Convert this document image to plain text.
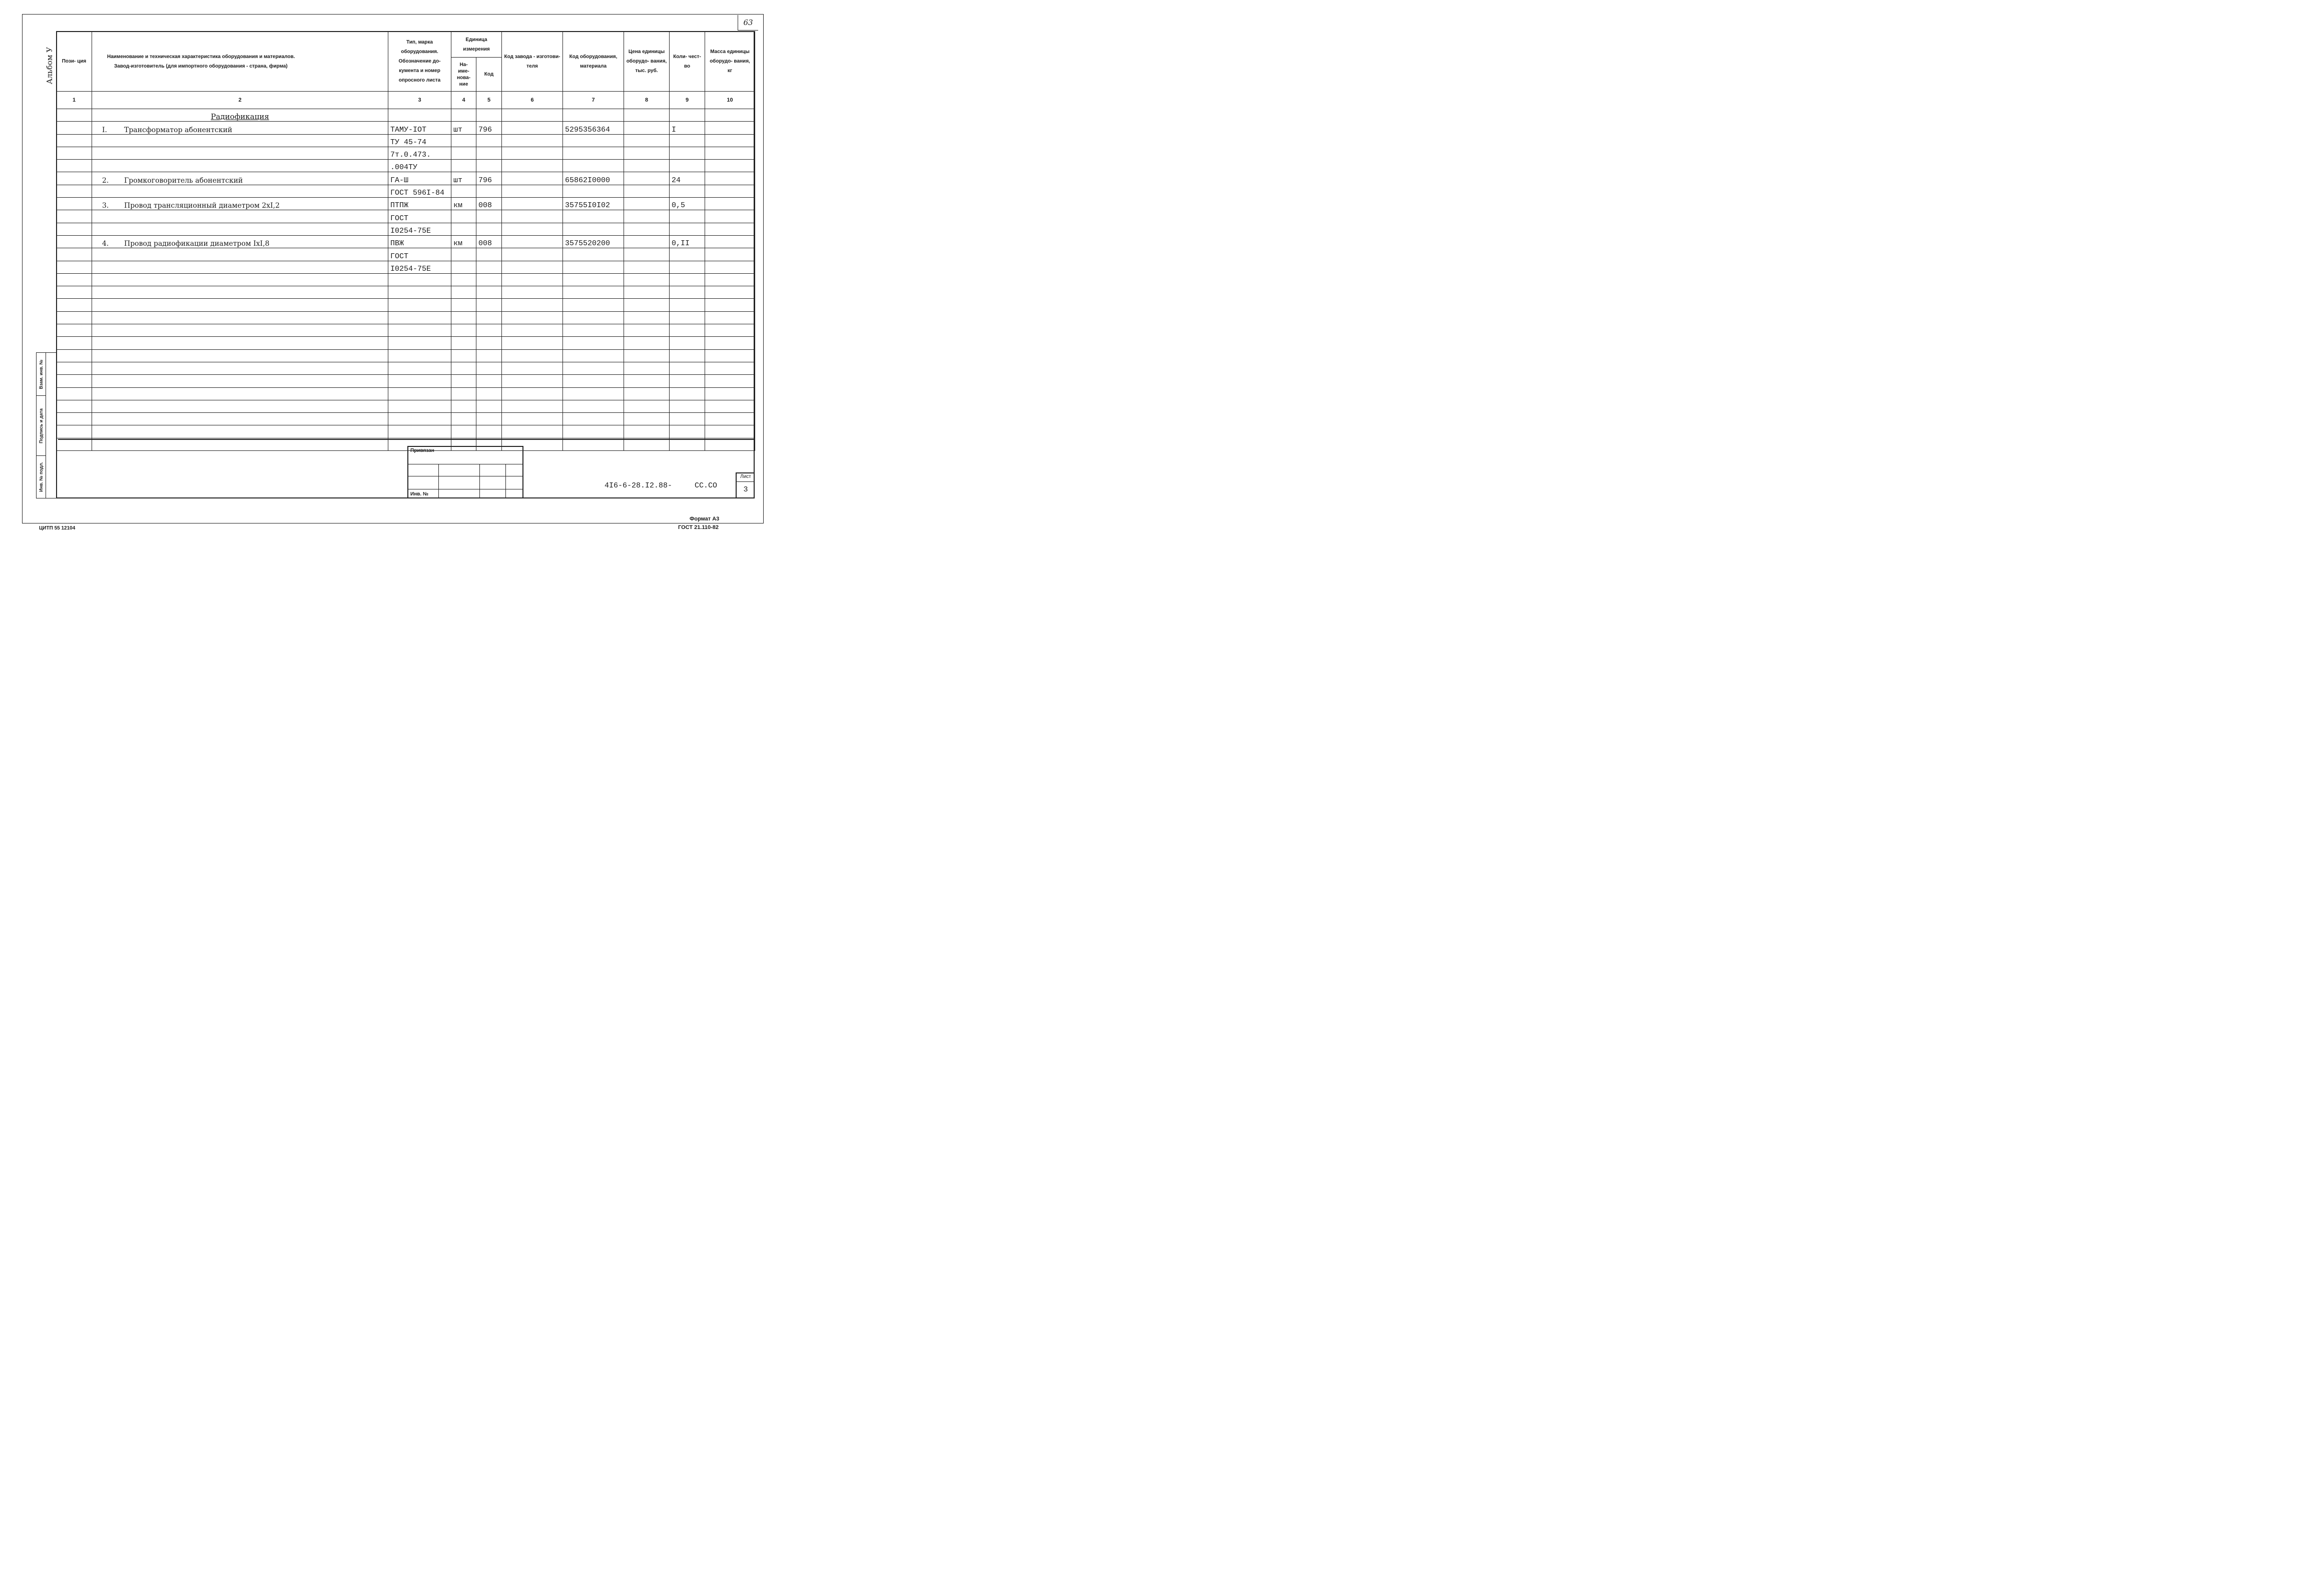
Альбом У
63
Пози- ция	Наименование и техническая характеристика оборудования и материалов.
Завод-изготовитель (для импортного оборудования - страна, фирма)	Тип, марка оборудования. Обозначение до- кумента и номер опросного листа	Единица измерения		Код завода - изготови- теля	Код оборудования, материала	Цена единицы оборудо- вания, тыс. руб.	Коли- чест- во	Масса единицы оборудо- вания, кг
			На- име- нова- ние	Код					
1	2	3	4	5	6	7	8	9	10
	Радиофикация								
	I. Трансформатор абонентский	ТАМУ-IOT	шт	796		5295356364		I	
		ТУ 45-74							
		7т.0.473.							
		.004ТУ							
	2. Громкоговоритель абонентский	ГА-Ш	шт	796		65862I0000		24	
		ГОСТ 596I-84							
	3. Провод трансляционный диаметром 2хI,2	ПТПЖ	км	008		35755I0I02		0,5	
		ГОСТ							
		I0254-75Е							
	4. Провод радиофикации диаметром IхI,8	ПВЖ	км	008		3575520200		0,II	
		ГОСТ							
		I0254-75Е							

Взам. инв. №
Подпись и дата
Инв. № подл.
Привязан
Инв. №
4I6-6-28.I2.88-     СС.СО
Лист
3
Формат А3
ГОСТ 21.110-82
ЦИТП 55 12104
